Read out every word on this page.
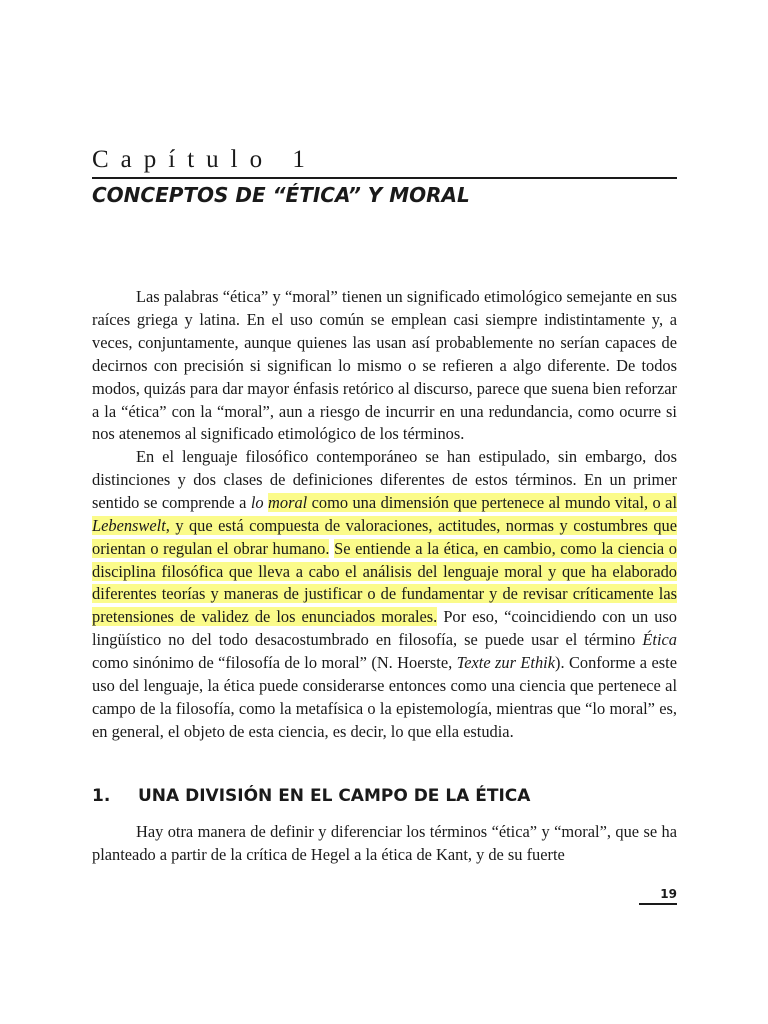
Capítulo 1
CONCEPTOS DE “ÉTICA” Y MORAL
Las palabras “ética” y “moral” tienen un significado etimológico semejante en sus raíces griega y latina. En el uso común se emplean casi siempre indistintamente y, a veces, conjuntamente, aunque quienes las usan así probablemente no serían capaces de decirnos con precisión si significan lo mismo o se refieren a algo diferente. De todos modos, quizás para dar mayor énfasis retórico al discurso, parece que suena bien reforzar a la “ética” con la “moral”, aun a riesgo de incurrir en una redundancia, como ocurre si nos atenemos al significado etimológico de los términos.
En el lenguaje filosófico contemporáneo se han estipulado, sin embargo, dos distinciones y dos clases de definiciones diferentes de estos términos. En un primer sentido se comprende a lo moral como una dimensión que pertenece al mundo vital, o al Lebenswelt, y que está compuesta de valoraciones, actitudes, normas y costumbres que orientan o regulan el obrar humano. Se entiende a la ética, en cambio, como la ciencia o disciplina filosófica que lleva a cabo el análisis del lenguaje moral y que ha elaborado diferentes teorías y maneras de justificar o de fundamentar y de revisar críticamente las pretensiones de validez de los enunciados morales. Por eso, “coincidiendo con un uso lingüístico no del todo desacostumbrado en filosofía, se puede usar el término Ética como sinónimo de “filosofía de lo moral” (N. Hoerste, Texte zur Ethik). Conforme a este uso del lenguaje, la ética puede considerarse entonces como una ciencia que pertenece al campo de la filosofía, como la metafísica o la epistemología, mientras que “lo moral” es, en general, el objeto de esta ciencia, es decir, lo que ella estudia.
1. UNA DIVISIÓN EN EL CAMPO DE LA ÉTICA
Hay otra manera de definir y diferenciar los términos “ética” y “moral”, que se ha planteado a partir de la crítica de Hegel a la ética de Kant, y de su fuerte
19
